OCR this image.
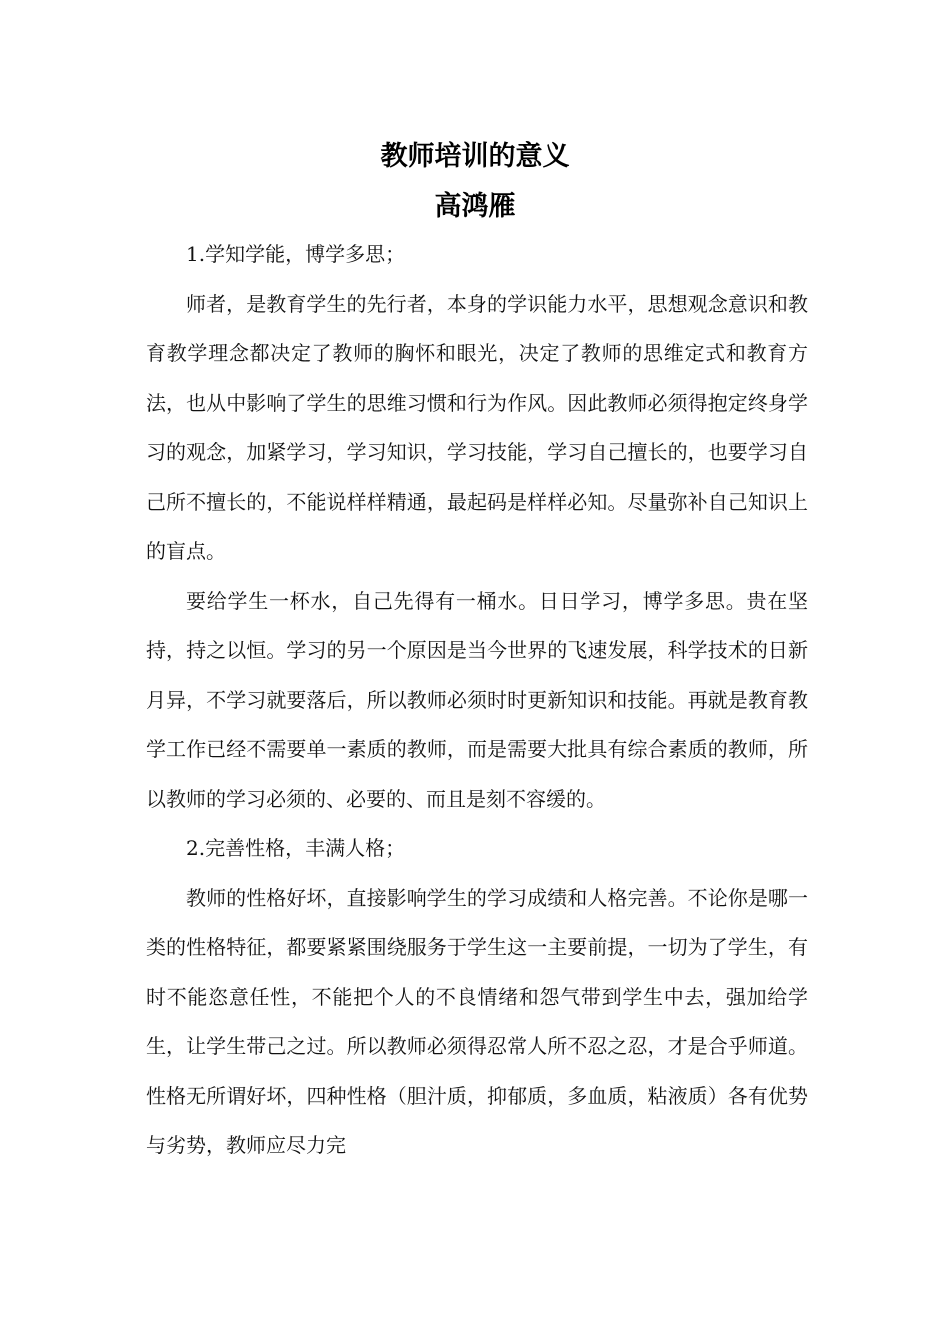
教师培训的意义
高鸿雁

1.学知学能，博学多思；

师者，是教育学生的先行者，本身的学识能力水平，思想观念意识和教育教学理念都决定了教师的胸怀和眼光，决定了教师的思维定式和教育方法，也从中影响了学生的思维习惯和行为作风。因此教师必须得抱定终身学习的观念，加紧学习，学习知识，学习技能，学习自己擅长的，也要学习自己所不擅长的，不能说样样精通，最起码是样样必知。尽量弥补自己知识上的盲点。

要给学生一杯水，自己先得有一桶水。日日学习，博学多思。贵在坚持，持之以恒。学习的另一个原因是当今世界的飞速发展，科学技术的日新月异，不学习就要落后，所以教师必须时时更新知识和技能。再就是教育教学工作已经不需要单一素质的教师，而是需要大批具有综合素质的教师，所以教师的学习必须的、必要的、而且是刻不容缓的。

2.完善性格，丰满人格；

教师的性格好坏，直接影响学生的学习成绩和人格完善。不论你是哪一类的性格特征，都要紧紧围绕服务于学生这一主要前提，一切为了学生，有时不能恣意任性，不能把个人的不良情绪和怨气带到学生中去，强加给学生，让学生带己之过。所以教师必须得忍常人所不忍之忍，才是合乎师道。性格无所谓好坏，四种性格（胆汁质，抑郁质，多血质，粘液质）各有优势与劣势，教师应尽力完
